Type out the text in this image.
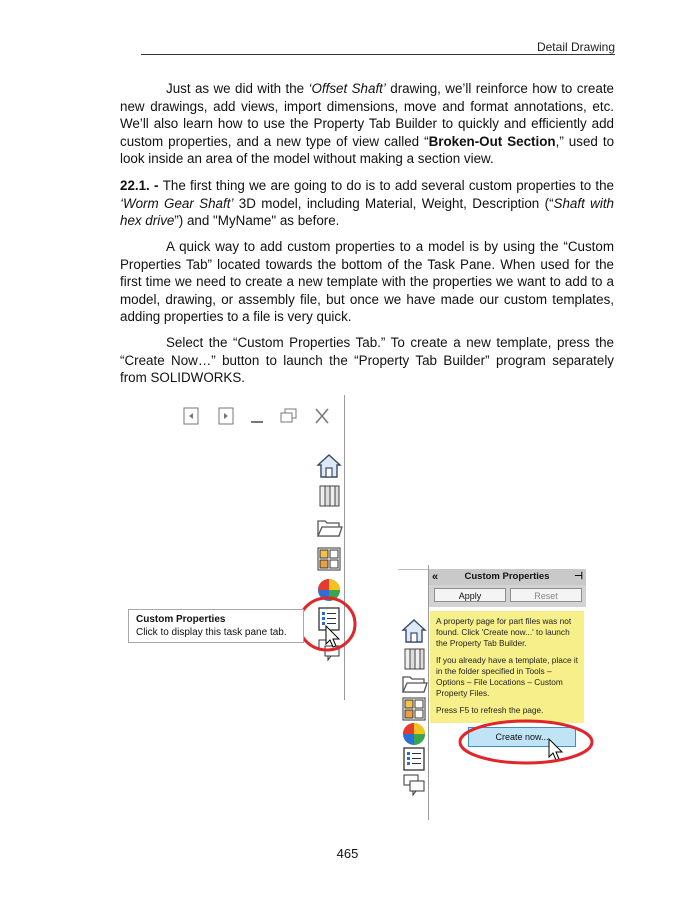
Detail Drawing

Just as we did with the ‘Offset Shaft’ drawing, we’ll reinforce how to create new drawings, add views, import dimensions, move and format annotations, etc. We’ll also learn how to use the Property Tab Builder to quickly and efficiently add custom properties, and a new type of view called “Broken-Out Section,” used to look inside an area of the model without making a section view.

22.1. - The first thing we are going to do is to add several custom properties to the ‘Worm Gear Shaft’ 3D model, including Material, Weight, Description (“Shaft with hex drive”) and "MyName" as before.

A quick way to add custom properties to a model is by using the “Custom Properties Tab” located towards the bottom of the Task Pane. When used for the first time we need to create a new template with the properties we want to add to a model, drawing, or assembly file, but once we have made our custom templates, adding properties to a file is very quick.

Select the “Custom Properties Tab.” To create a new template, press the “Create Now…” button to launch the “Property Tab Builder” program separately from SOLIDWORKS.

Custom Properties
Click to display this task pane tab.
«	Custom Properties ⊣
Apply	Reset

A property page for part files was not found. Click 'Create now...' to launch the Property Tab Builder.

If you already have a template, place it in the folder specified in Tools – Options – File Locations – Custom Property Files.

Press F5 to refresh the page.

Create now...
465
